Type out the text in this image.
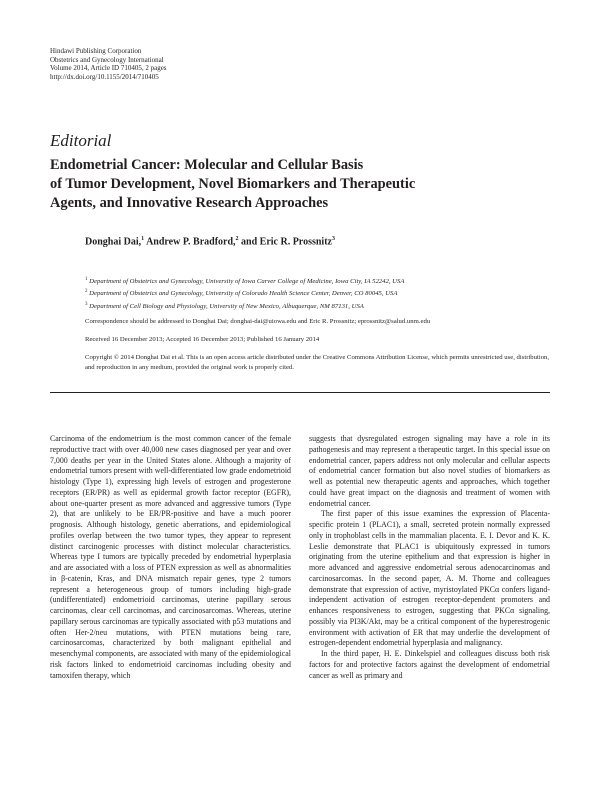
Hindawi Publishing Corporation
Obstetrics and Gynecology International
Volume 2014, Article ID 710405, 2 pages
http://dx.doi.org/10.1155/2014/710405
Editorial
Endometrial Cancer: Molecular and Cellular Basis
of Tumor Development, Novel Biomarkers and Therapeutic
Agents, and Innovative Research Approaches
Donghai Dai,$^1$ Andrew P. Bradford,$^2$ and Eric R. Prossnitz$^3$
$^1$ Department of Obstetrics and Gynecology, University of Iowa Carver College of Medicine, Iowa City, IA 52242, USA
$^2$ Department of Obstetrics and Gynecology, University of Colorado Health Science Center, Denver, CO 80045, USA
$^3$ Department of Cell Biology and Physiology, University of New Mexico, Albuquerque, NM 87131, USA
Correspondence should be addressed to Donghai Dai; donghai-dai@uiowa.edu and Eric R. Prossnitz; eprossnitz@salud.unm.edu
Received 16 December 2013; Accepted 16 December 2013; Published 16 January 2014
Copyright © 2014 Donghai Dai et al. This is an open access article distributed under the Creative Commons Attribution License, which permits unrestricted use, distribution, and reproduction in any medium, provided the original work is properly cited.

Carcinoma of the endometrium is the most common cancer of the female reproductive tract with over 40,000 new cases diagnosed per year and over 7,000 deaths per year in the United States alone. Although a majority of endometrial tumors present with well-differentiated low grade endometrioid histology (Type 1), expressing high levels of estrogen and progesterone receptors (ER/PR) as well as epidermal growth factor receptor (EGFR), about one-quarter present as more advanced and aggressive tumors (Type 2), that are unlikely to be ER/PR-positive and have a much poorer prognosis. Although histology, genetic aberrations, and epidemiological profiles overlap between the two tumor types, they appear to represent distinct carcinogenic processes with distinct molecular characteristics. Whereas type I tumors are typically preceded by endometrial hyperplasia and are associated with a loss of PTEN expression as well as abnormalities in β-catenin, Kras, and DNA mismatch repair genes, type 2 tumors represent a heterogeneous group of tumors including high-grade (undifferentiated) endometrioid carcinomas, uterine papillary serous carcinomas, clear cell carcinomas, and carcinosarcomas. Whereas, uterine papillary serous carcinomas are typically associated with p53 mutations and often Her-2/neu mutations, with PTEN mutations being rare, carcinosarcomas, characterized by both malignant epithelial and mesenchymal components, are associated with many of the epidemiological risk factors linked to endometrioid carcinomas including obesity and tamoxifen therapy, which

suggests that dysregulated estrogen signaling may have a role in its pathogenesis and may represent a therapeutic target. In this special issue on endometrial cancer, papers address not only molecular and cellular aspects of endometrial cancer formation but also novel studies of biomarkers as well as potential new therapeutic agents and approaches, which together could have great impact on the diagnosis and treatment of women with endometrial cancer.

The first paper of this issue examines the expression of Placenta-specific protein 1 (PLAC1), a small, secreted protein normally expressed only in trophoblast cells in the mammalian placenta. E. I. Devor and K. K. Leslie demonstrate that PLAC1 is ubiquitously expressed in tumors originating from the uterine epithelium and that expression is higher in more advanced and aggressive endometrial serous adenocarcinomas and carcinosarcomas. In the second paper, A. M. Thorne and colleagues demonstrate that expression of active, myristoylated PKCα confers ligand-independent activation of estrogen receptor-dependent promoters and enhances responsiveness to estrogen, suggesting that PKCα signaling, possibly via PI3K/Akt, may be a critical component of the hyperestrogenic environment with activation of ER that may underlie the development of estrogen-dependent endometrial hyperplasia and malignancy.

In the third paper, H. E. Dinkelspiel and colleagues discuss both risk factors for and protective factors against the development of endometrial cancer as well as primary and
